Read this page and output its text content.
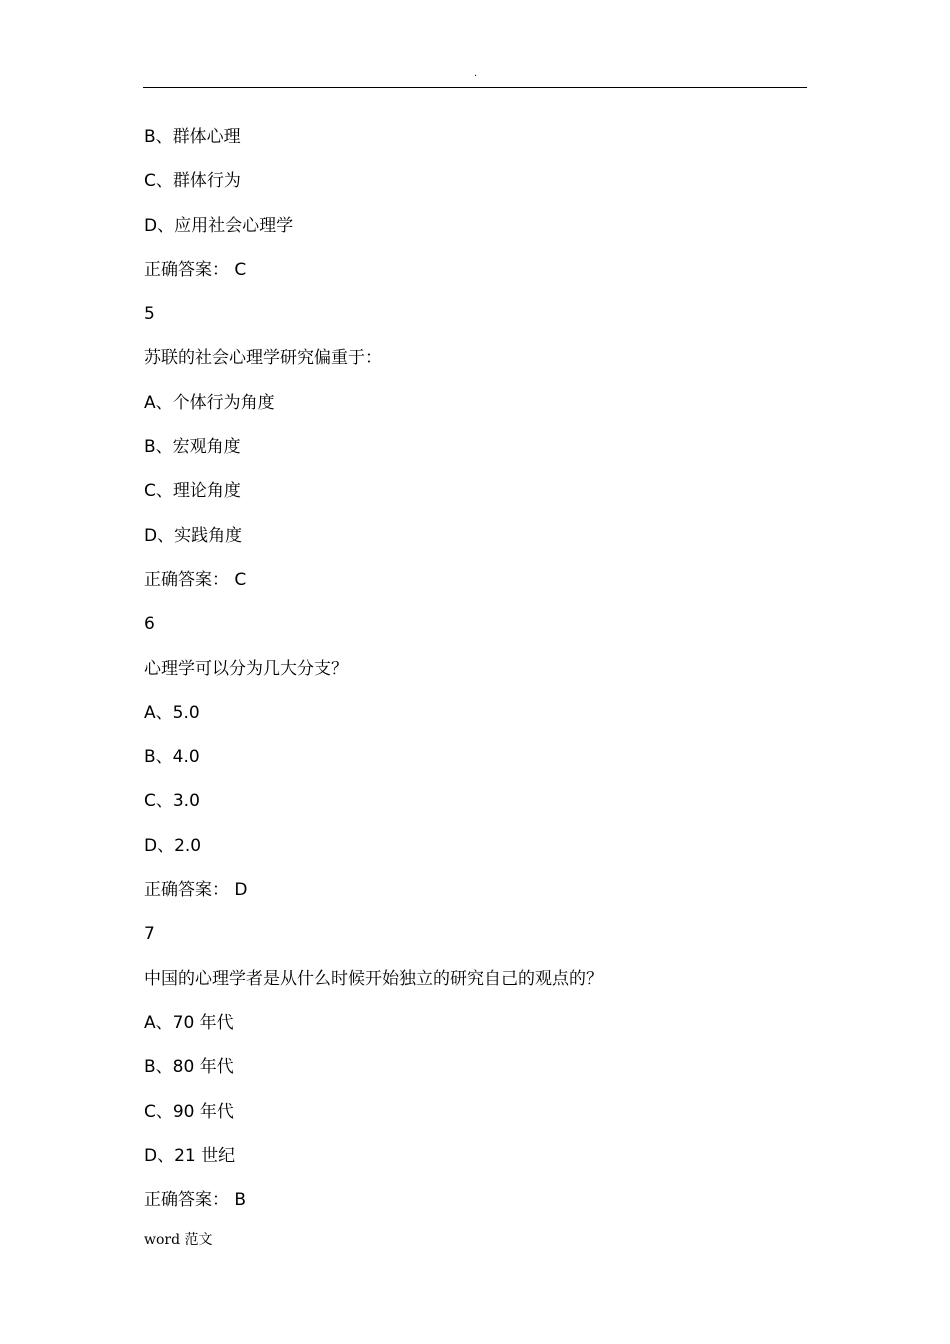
.
B、群体心理
C、群体行为
D、应用社会心理学
正确答案： C
5
苏联的社会心理学研究偏重于：
A、个体行为角度
B、宏观角度
C、理论角度
D、实践角度
正确答案： C
6
心理学可以分为几大分支？
A、5.0
B、4.0
C、3.0
D、2.0
正确答案： D
7
中国的心理学者是从什么时候开始独立的研究自己的观点的？
A、70 年代
B、80 年代
C、90 年代
D、21 世纪
正确答案： B
word 范文
